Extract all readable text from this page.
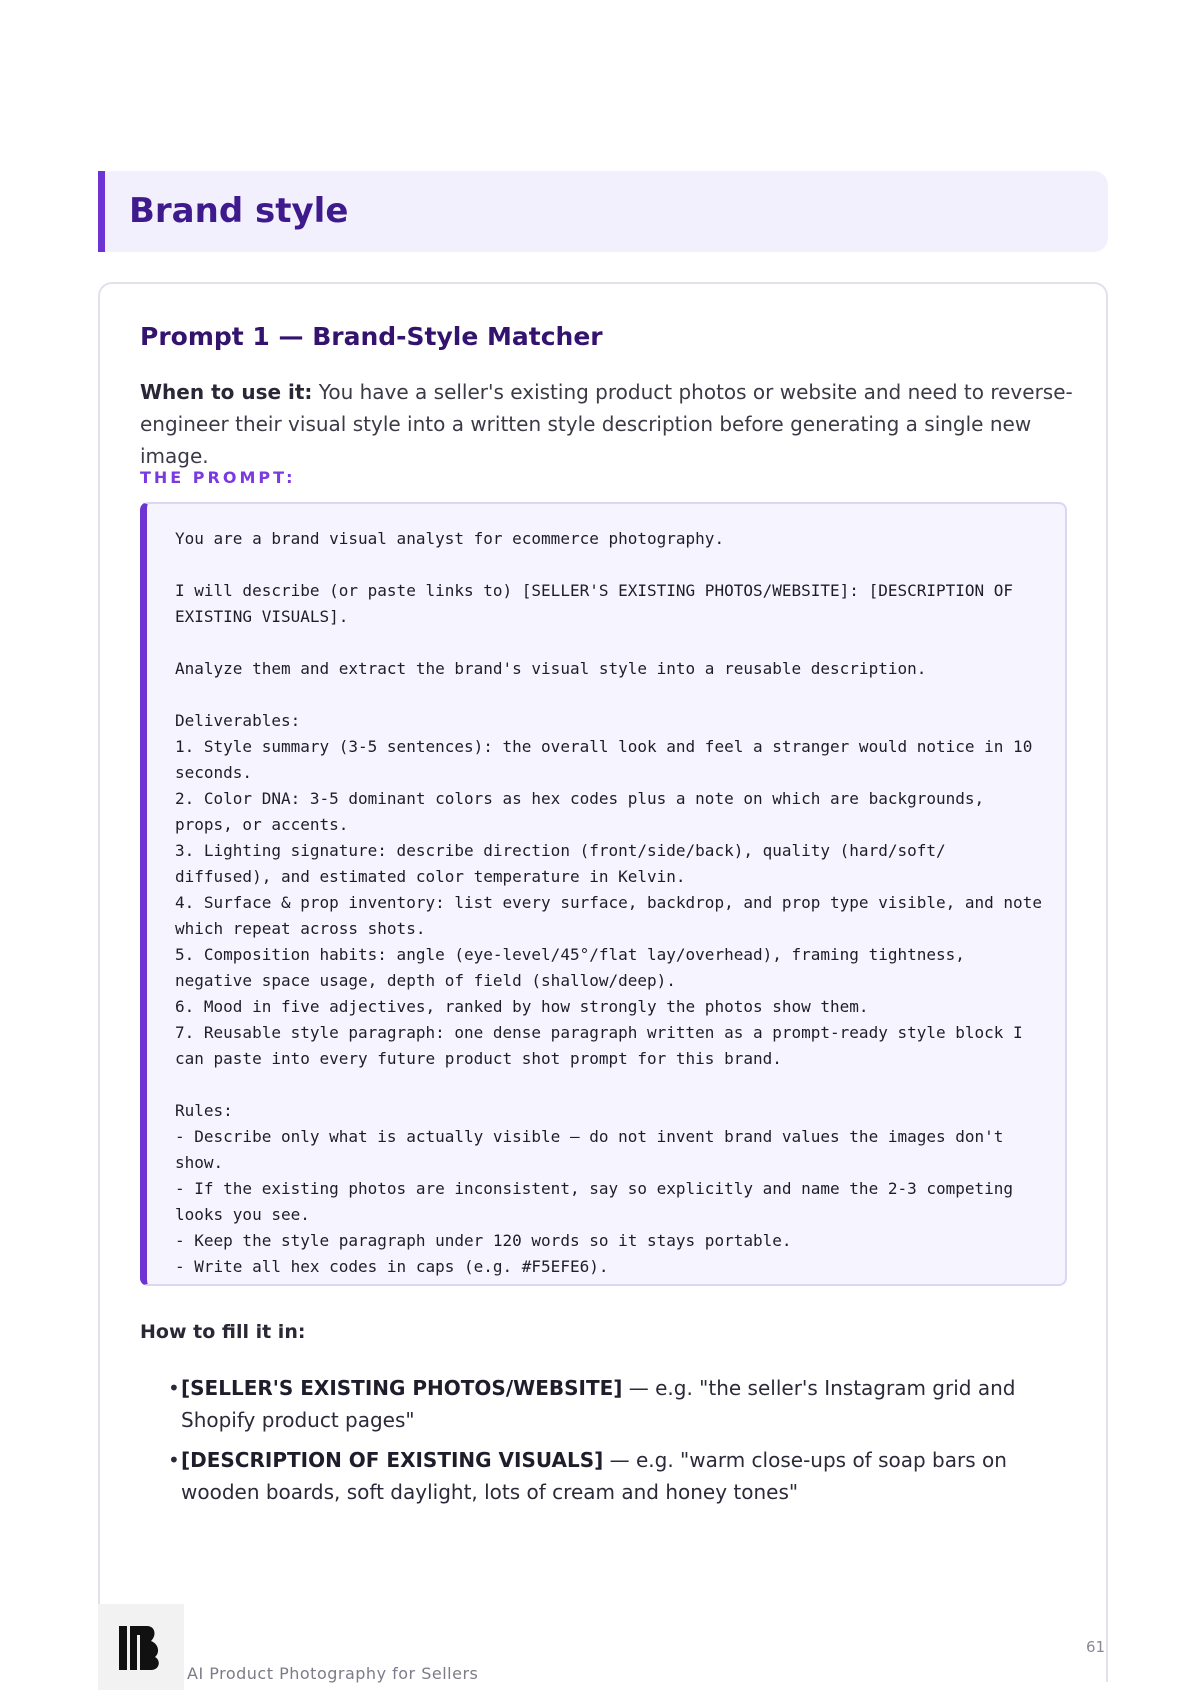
Brand style
Prompt 1 — Brand-Style Matcher

When to use it: You have a seller's existing product photos or website and need to reverse-engineer their visual style into a written style description before generating a single new image.

THE PROMPT:
You are a brand visual analyst for ecommerce photography.

I will describe (or paste links to) [SELLER'S EXISTING PHOTOS/WEBSITE]: [DESCRIPTION OF EXISTING VISUALS].

Analyze them and extract the brand's visual style into a reusable description.

Deliverables:
1. Style summary (3-5 sentences): the overall look and feel a stranger would notice in 10 seconds.
2. Color DNA: 3-5 dominant colors as hex codes plus a note on which are backgrounds, props, or accents.
3. Lighting signature: describe direction (front/side/back), quality (hard/soft/ diffused), and estimated color temperature in Kelvin.
4. Surface & prop inventory: list every surface, backdrop, and prop type visible, and note which repeat across shots.
5. Composition habits: angle (eye-level/45°/flat lay/overhead), framing tightness, negative space usage, depth of field (shallow/deep).
6. Mood in five adjectives, ranked by how strongly the photos show them.
7. Reusable style paragraph: one dense paragraph written as a prompt-ready style block I can paste into every future product shot prompt for this brand.

Rules:
- Describe only what is actually visible — do not invent brand values the images don't show.
- If the existing photos are inconsistent, say so explicitly and name the 2-3 competing looks you see.
- Keep the style paragraph under 120 words so it stays portable.
- Write all hex codes in caps (e.g. #F5EFE6).
How to fill it in:
• [SELLER'S EXISTING PHOTOS/WEBSITE] — e.g. "the seller's Instagram grid and Shopify product pages"
• [DESCRIPTION OF EXISTING VISUALS] — e.g. "warm close-ups of soap bars on wooden boards, soft daylight, lots of cream and honey tones"
AI Product Photography for Sellers
61
